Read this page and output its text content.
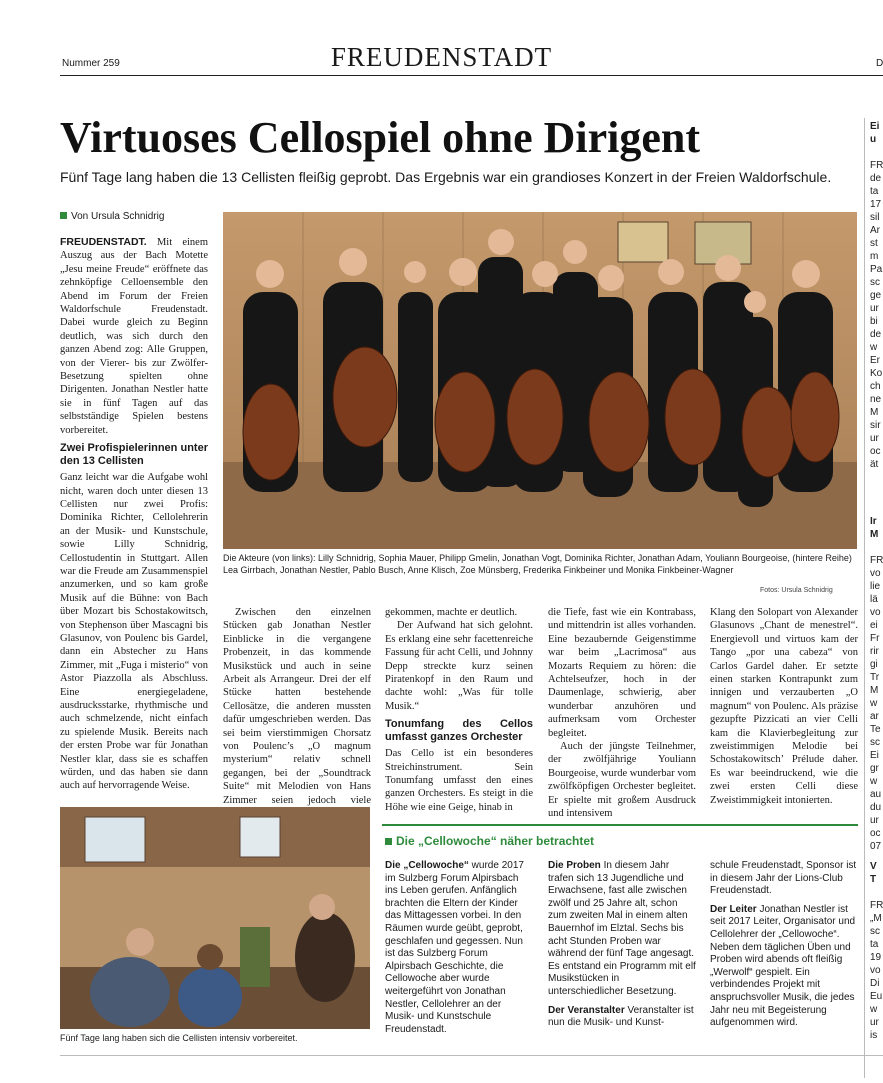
Nummer 259	FREUDENSTADT	D
Virtuoses Cellospiel ohne Dirigent
Fünf Tage lang haben die 13 Cellisten fleißig geprobt. Das Ergebnis war ein grandioses Konzert in der Freien Waldorfschule.
Von Ursula Schnidrig

FREUDENSTADT. Mit einem Auszug aus der Bach Motette „Jesu meine Freude“ eröffnete das zehnköpfige Celloensemble den Abend im Forum der Freien Waldorfschule Freudenstadt. Dabei wurde gleich zu Beginn deutlich, was sich durch den ganzen Abend zog: Alle Gruppen, von der Vierer- bis zur Zwölfer-Besetzung spielten ohne Dirigenten. Jonathan Nestler hatte sie in fünf Tagen auf das selbstständige Spielen bestens vorbereitet.

Zwei Profispielerinnen unter den 13 Cellisten

Ganz leicht war die Aufgabe wohl nicht, waren doch unter diesen 13 Cellisten nur zwei Profis: Dominika Richter, Cellolehrerin an der Musik- und Kunstschule, sowie Lilly Schnidrig, Cellostudentin in Stuttgart. Allen war die Freude am Zusammenspiel anzumerken, und so kam große Musik auf die Bühne: von Bach über Mozart bis Schostakowitsch, von Stephenson über Mascagni bis Glasunov, von Poulenc bis Gardel, dann ein Abstecher zu Hans Zimmer, mit „Fuga i misterio“ von Astor Piazzolla als Abschluss. Eine energiegeladene, ausdrucksstarke, rhythmische und auch schmelzende, nicht einfach zu spielende Musik. Bereits nach der ersten Probe war für Jonathan Nestler klar, dass sie es schaffen würden, und das haben sie dann auch auf hervorragende Weise.

Die Akteure (von links): Lilly Schnidrig, Sophia Mauer, Philipp Gmelin, Jonathan Vogt, Dominika Richter, Jonathan Adam, Youliann Bourgeoise, (hintere Reihe) Lea Girrbach, Jonathan Nestler, Pablo Busch, Anne Klisch, Zoe Münsberg, Frederika Finkbeiner und Monika Finkbeiner-Wagner
Fotos: Ursula Schnidrig

Zwischen den einzelnen Stücken gab Jonathan Nestler Einblicke in die vergangene Probenzeit, in das kommende Musikstück und auch in seine Arbeit als Arrangeur. Drei der elf Stücke hatten bestehende Cellosätze, die anderen mussten dafür umgeschrieben werden. Das sei beim vierstimmigen Chorsatz von Poulenc’s „O magnum mysterium“ relativ schnell gegangen, bei der „Soundtrack Suite“ mit Melodien von Hans Zimmer seien jedoch viele

gekommen, machte er deutlich.

Der Aufwand hat sich gelohnt. Es erklang eine sehr facettenreiche Fassung für acht Celli, und Johnny Depp streckte kurz seinen Piratenkopf in den Raum und dachte wohl: „Was für tolle Musik.“

Tonumfang des Cellos umfasst ganzes Orchester

Das Cello ist ein besonderes Streichinstrument. Sein Tonumfang umfasst den eines ganzen Orchesters. Es steigt in die Höhe wie eine Geige, hinab in

die Tiefe, fast wie ein Kontrabass, und mittendrin ist alles vorhanden. Eine bezaubernde Geigenstimme war beim „Lacrimosa“ aus Mozarts Requiem zu hören: die Achtelseufzer, hoch in der Daumenlage, schwierig, aber wunderbar anzuhören und aufmerksam vom Orchester begleitet.

Auch der jüngste Teilnehmer, der zwölfjährige Youliann Bourgeoise, wurde wunderbar vom zwölfköpfigen Orchester begleitet. Er spielte mit großem Ausdruck und intensivem

Klang den Solopart von Alexander Glasunovs „Chant de menestrel“. Energievoll und virtuos kam der Tango „por una cabeza“ von Carlos Gardel daher. Er setzte einen starken Kontrapunkt zum innigen und verzauberten „O magnum“ von Poulenc. Als präzise gezupfte Pizzicati an vier Celli kam die Klavierbegleitung zur zweistimmigen Melodie bei Schostakowitsch’ Prélude daher. Es war beeindruckend, wie die zwei ersten Celli diese Zweistimmigkeit intonierten.

Fünf Tage lang haben sich die Cellisten intensiv vorbereitet.
Die „Cellowoche“ näher betrachtet

Die „Cellowoche“ wurde 2017 im Sulzberg Forum Alpirsbach ins Leben gerufen. Anfänglich brachten die Eltern der Kinder das Mittagessen vorbei. In den Räumen wurde geübt, geprobt, geschlafen und gegessen. Nun ist das Sulzberg Forum Alpirsbach Geschichte, die Cellowoche aber wurde weitergeführt von Jonathan Nestler, Cellolehrer an der Musik- und Kunstschule Freudenstadt.

Die Proben In diesem Jahr trafen sich 13 Jugendliche und Erwachsene, fast alle zwischen zwölf und 25 Jahre alt, schon zum zweiten Mal in einem alten Bauernhof im Elztal. Sechs bis acht Stunden Proben war während der fünf Tage angesagt. Es entstand ein Programm mit elf Musikstücken in unterschiedlicher Besetzung.

Der Veranstalter Veranstalter ist nun die Musik- und Kunst-

schule Freudenstadt, Sponsor ist in diesem Jahr der Lions-Club Freudenstadt.

Der Leiter Jonathan Nestler ist seit 2017 Leiter, Organisator und Cellolehrer der „Cellowoche“. Neben dem täglichen Üben und Proben wird abends oft fleißig „Werwolf“ gespielt. Ein verbindendes Projekt mit anspruchsvoller Musik, die jedes Jahr neu mit Begeisterung aufgenommen wird.

Ei
u

FR
de
ta
17
sil
Ar
st
m
Pa
sc
ge
ur
bi
de
w
Er
Ko
ch
ne
M
sir
ur
oc
ät
Ir
M

FR
vo
lie
lä
vo
ei
Fr
rir
gi
Tr
M
w
ar
Te
sc
Ei
gr
w
au
du
ur
oc
07
V
T

FR
„M
sc
ta
19
vo
Di
Eu
w
ur
is
